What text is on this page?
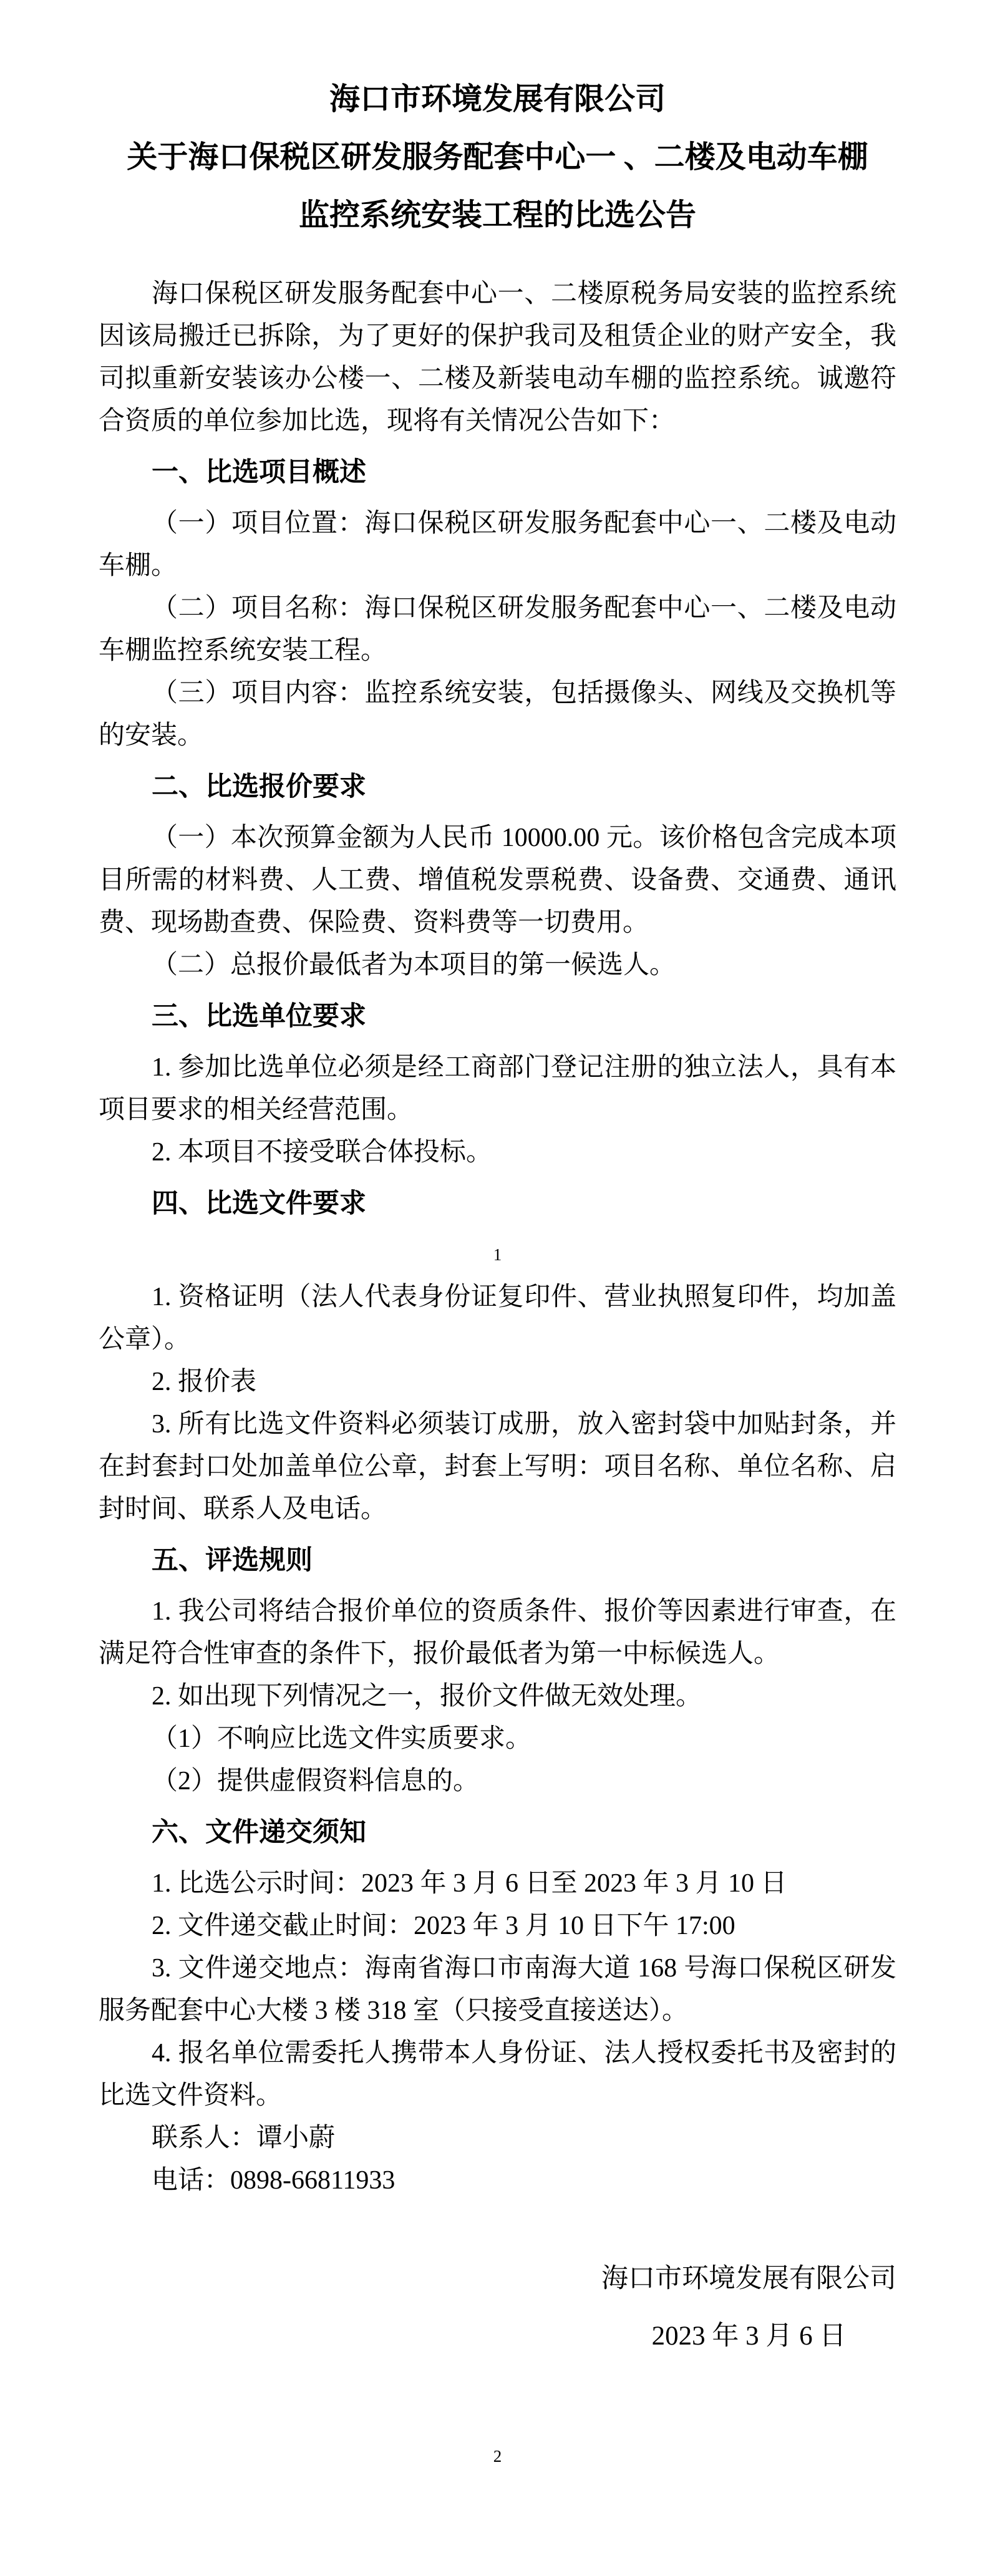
海口市环境发展有限公司
关于海口保税区研发服务配套中心一 、二楼及电动车棚
监控系统安装工程的比选公告

海口保税区研发服务配套中心一、二楼原税务局安装的监控系统因该局搬迁已拆除，为了更好的保护我司及租赁企业的财产安全，我司拟重新安装该办公楼一、二楼及新装电动车棚的监控系统。诚邀符合资质的单位参加比选，现将有关情况公告如下：

一、比选项目概述

（一）项目位置：海口保税区研发服务配套中心一、二楼及电动车棚。

（二）项目名称：海口保税区研发服务配套中心一、二楼及电动车棚监控系统安装工程。

（三）项目内容：监控系统安装，包括摄像头、网线及交换机等的安装。

二、比选报价要求

（一）本次预算金额为人民币 10000.00 元。该价格包含完成本项目所需的材料费、人工费、增值税发票税费、设备费、交通费、通讯费、现场勘查费、保险费、资料费等一切费用。

（二）总报价最低者为本项目的第一候选人。

三、比选单位要求

1. 参加比选单位必须是经工商部门登记注册的独立法人，具有本项目要求的相关经营范围。

2. 本项目不接受联合体投标。

四、比选文件要求
1

1. 资格证明（法人代表身份证复印件、营业执照复印件，均加盖公章）。

2. 报价表

3. 所有比选文件资料必须装订成册，放入密封袋中加贴封条，并在封套封口处加盖单位公章，封套上写明：项目名称、单位名称、启封时间、联系人及电话。

五、评选规则

1. 我公司将结合报价单位的资质条件、报价等因素进行审查，在满足符合性审查的条件下，报价最低者为第一中标候选人。

2. 如出现下列情况之一，报价文件做无效处理。

（1）不响应比选文件实质要求。

（2）提供虚假资料信息的。

六、文件递交须知

1. 比选公示时间：2023 年 3 月 6 日至 2023 年 3 月 10 日

2. 文件递交截止时间：2023 年 3 月 10 日下午 17:00

3. 文件递交地点：海南省海口市南海大道 168 号海口保税区研发服务配套中心大楼 3 楼 318 室（只接受直接送达）。

4. 报名单位需委托人携带本人身份证、法人授权委托书及密封的比选文件资料。

联系人：谭小蔚

电话：0898-66811933

海口市环境发展有限公司
2023 年 3 月 6 日
2
